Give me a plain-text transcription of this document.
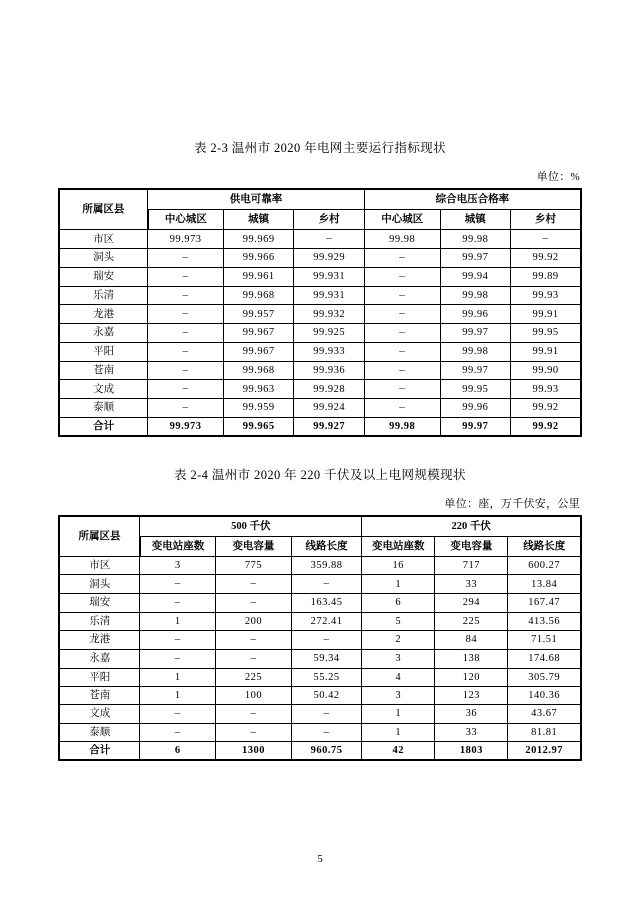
表 2-3 温州市 2020 年电网主要运行指标现状
单位：%
所属区县	供电可靠率			综合电压合格率		
	中心城区	城镇	乡村	中心城区	城镇	乡村
市区	99.973	99.969	–	99.98	99.98	–
洞头	–	99.966	99.929	–	99.97	99.92
瑞安	–	99.961	99.931	–	99.94	99.89
乐清	–	99.968	99.931	–	99.98	99.93
龙港	–	99.957	99.932	–	99.96	99.91
永嘉	–	99.967	99.925	–	99.97	99.95
平阳	–	99.967	99.933	–	99.98	99.91
苍南	–	99.968	99.936	–	99.97	99.90
文成	–	99.963	99.928	–	99.95	99.93
泰顺	–	99.959	99.924	–	99.96	99.92
合计	99.973	99.965	99.927	99.98	99.97	99.92
表 2-4 温州市 2020 年 220 千伏及以上电网规模现状
单位：座，万千伏安，公里
所属区县	500 千伏			220 千伏		
	变电站座数	变电容量	线路长度	变电站座数	变电容量	线路长度
市区	3	775	359.88	16	717	600.27
洞头	–	–	–	1	33	13.84
瑞安	–	–	163.45	6	294	167.47
乐清	1	200	272.41	5	225	413.56
龙港	–	–	–	2	84	71.51
永嘉	–	–	59.34	3	138	174.68
平阳	1	225	55.25	4	120	305.79
苍南	1	100	50.42	3	123	140.36
文成	–	–	–	1	36	43.67
泰顺	–	–	–	1	33	81.81
合计	6	1300	960.75	42	1803	2012.97
5
